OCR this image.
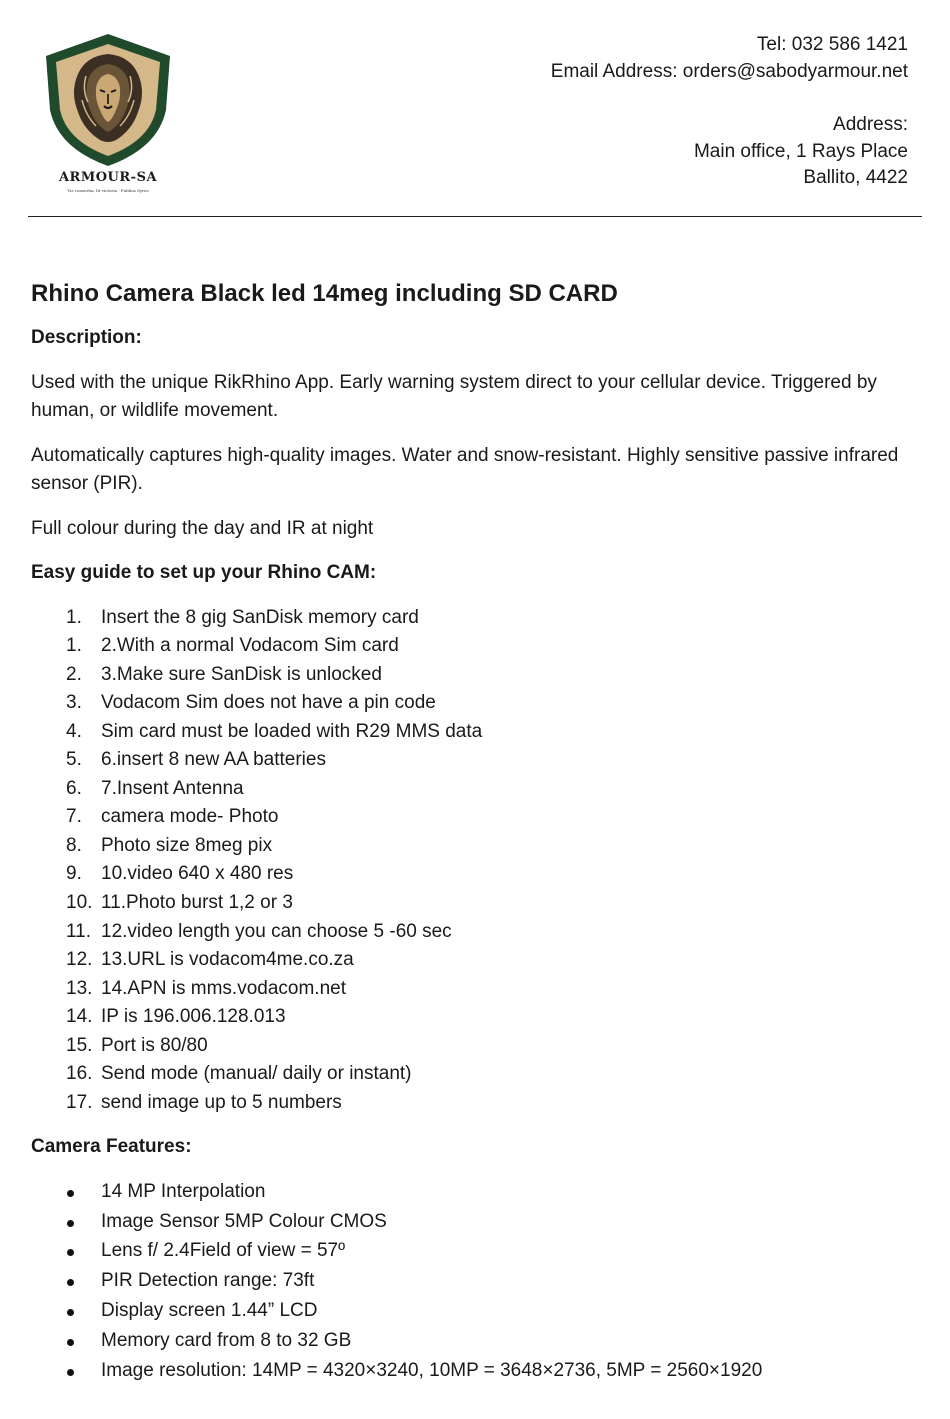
ARMOUR-SA
Vis consortia, lit victoria · Publius Syrus
Tel: 032 586 1421
Email Address: orders@sabodyarmour.net
Address:
Main office, 1 Rays Place
Ballito, 4422
Rhino Camera Black led 14meg including SD CARD
Description:
Used with the unique RikRhino App. Early warning system direct to your cellular device. Triggered by human, or wildlife movement.
Automatically captures high-quality images. Water and snow-resistant. Highly sensitive passive infrared sensor (PIR).
Full colour during the day and IR at night
Easy guide to set up your Rhino CAM:
1. Insert the 8 gig SanDisk memory card
1. 2.With a normal Vodacom Sim card
2. 3.Make sure SanDisk is unlocked
3. Vodacom Sim does not have a pin code
4. Sim card must be loaded with R29 MMS data
5. 6.insert 8 new AA batteries
6. 7.Insent Antenna
7. camera mode- Photo
8. Photo size 8meg pix
9. 10.video 640 x 480 res
10. 11.Photo burst 1,2 or 3
11. 12.video length you can choose 5 -60 sec
12. 13.URL is vodacom4me.co.za
13. 14.APN is mms.vodacom.net
14. IP is 196.006.128.013
15. Port is 80/80
16. Send mode (manual/ daily or instant)
17. send image up to 5 numbers
Camera Features:
14 MP Interpolation
Image Sensor 5MP Colour CMOS
Lens f/ 2.4Field of view = 57º
PIR Detection range: 73ft
Display screen 1.44” LCD
Memory card from 8 to 32 GB
Image resolution: 14MP = 4320×3240, 10MP = 3648×2736, 5MP = 2560×1920
